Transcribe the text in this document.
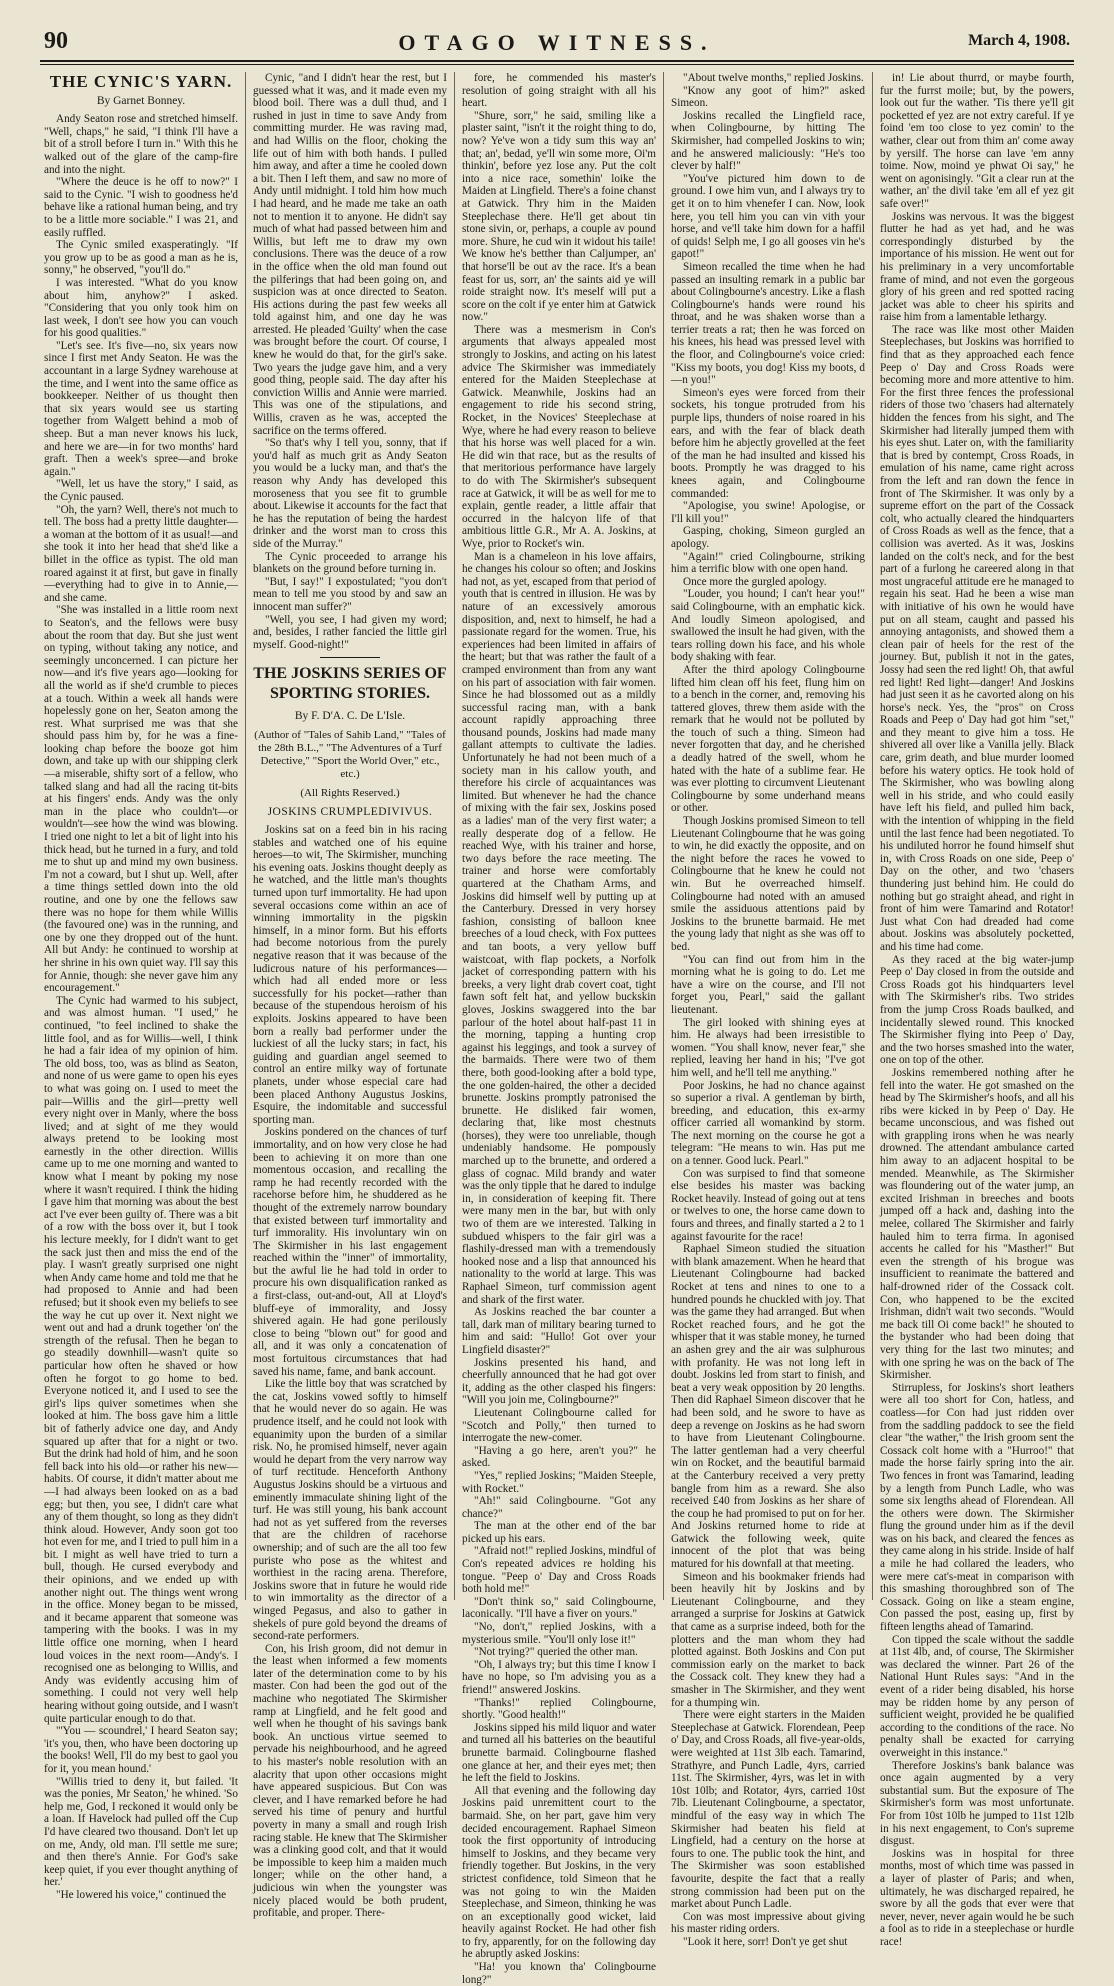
90	OTAGO WITNESS.	March 4, 1908.
THE CYNIC'S YARN.
By Garnet Bonney.

Andy Seaton rose and stretched himself. "Well, chaps," he said, "I think I'll have a bit of a stroll before I turn in." With this he walked out of the glare of the camp-fire and into the night.

"Where the deuce is he off to now?" I said to the Cynic. "I wish to goodness he'd behave like a rational human being, and try to be a little more sociable." I was 21, and easily ruffled.

The Cynic smiled exasperatingly. "If you grow up to be as good a man as he is, sonny," he observed, "you'll do."

I was interested. "What do you know about him, anyhow?" I asked. "Considering that you only took him on last week, I don't see how you can vouch for his good qualities."

"Let's see. It's five—no, six years now since I first met Andy Seaton. He was the accountant in a large Sydney warehouse at the time, and I went into the same office as bookkeeper. Neither of us thought then that six years would see us starting together from Walgett behind a mob of sheep. But a man never knows his luck, and here we are—in for two months' hard graft. Then a week's spree—and broke again."

"Well, let us have the story," I said, as the Cynic paused.

"Oh, the yarn? Well, there's not much to tell. The boss had a pretty little daughter—a woman at the bottom of it as usual!—and she took it into her head that she'd like a billet in the office as typist. The old man roared against it at first, but gave in finally—everything had to give in to Annie,—and she came.

"She was installed in a little room next to Seaton's, and the fellows were busy about the room that day. But she just went on typing, without taking any notice, and seemingly unconcerned. I can picture her now—and it's five years ago—looking for all the world as if she'd crumble to pieces at a touch. Within a week all hands were hopelessly gone on her, Seaton among the rest. What surprised me was that she should pass him by, for he was a fine-looking chap before the booze got him down, and take up with our shipping clerk—a miserable, shifty sort of a fellow, who talked slang and had all the racing tit-bits at his fingers' ends. Andy was the only man in the place who couldn't—or wouldn't—see how the wind was blowing. I tried one night to let a bit of light into his thick head, but he turned in a fury, and told me to shut up and mind my own business. I'm not a coward, but I shut up. Well, after a time things settled down into the old routine, and one by one the fellows saw there was no hope for them while Willis (the favoured one) was in the running, and one by one they dropped out of the hunt. All but Andy: he continued to worship at her shrine in his own quiet way. I'll say this for Annie, though: she never gave him any encouragement."

The Cynic had warmed to his subject, and was almost human. "I used," he continued, "to feel inclined to shake the little fool, and as for Willis—well, I think he had a fair idea of my opinion of him. The old boss, too, was as blind as Seaton, and none of us were game to open his eyes to what was going on. I used to meet the pair—Willis and the girl—pretty well every night over in Manly, where the boss lived; and at sight of me they would always pretend to be looking most earnestly in the other direction. Willis came up to me one morning and wanted to know what I meant by poking my nose where it wasn't required. I think the hiding I gave him that morning was about the best act I've ever been guilty of. There was a bit of a row with the boss over it, but I took his lecture meekly, for I didn't want to get the sack just then and miss the end of the play. I wasn't greatly surprised one night when Andy came home and told me that he had proposed to Annie and had been refused; but it shook even my beliefs to see the way he cut up over it. Next night we went out and had a drunk together 'on' the strength of the refusal. Then he began to go steadily downhill—wasn't quite so particular how often he shaved or how often he forgot to go home to bed. Everyone noticed it, and I used to see the girl's lips quiver sometimes when she looked at him. The boss gave him a little bit of fatherly advice one day, and Andy squared up after that for a night or two. But the drink had hold of him, and he soon fell back into his old—or rather his new—habits. Of course, it didn't matter about me—I had always been looked on as a bad egg; but then, you see, I didn't care what any of them thought, so long as they didn't think aloud. However, Andy soon got too hot even for me, and I tried to pull him in a bit. I might as well have tried to turn a bull, though. He cursed everybody and their opinions, and we ended up with another night out. The things went wrong in the office. Money began to be missed, and it became apparent that someone was tampering with the books. I was in my little office one morning, when I heard loud voices in the next room—Andy's. I recognised one as belonging to Willis, and Andy was evidently accusing him of something. I could not very well help hearing without going outside, and I wasn't quite particular enough to do that.

"'You — scoundrel,' I heard Seaton say; 'it's you, then, who have been doctoring up the books! Well, I'll do my best to gaol you for it, you mean hound.'

"Willis tried to deny it, but failed. 'It was the ponies, Mr Seaton,' he whined. 'So help me, God, I reckoned it would only be a loan. If Havelock had pulled off the Cup I'd have cleared two thousand. Don't let up on me, Andy, old man. I'll settle me sure; and then there's Annie. For God's sake keep quiet, if you ever thought anything of her.'

"He lowered his voice," continued the

Cynic, "and I didn't hear the rest, but I guessed what it was, and it made even my blood boil. There was a dull thud, and I rushed in just in time to save Andy from committing murder. He was raving mad, and had Willis on the floor, choking the life out of him with both hands. I pulled him away, and after a time he cooled down a bit. Then I left them, and saw no more of Andy until midnight. I told him how much I had heard, and he made me take an oath not to mention it to anyone. He didn't say much of what had passed between him and Willis, but left me to draw my own conclusions. There was the deuce of a row in the office when the old man found out the pilferings that had been going on, and suspicion was at once directed to Seaton. His actions during the past few weeks all told against him, and one day he was arrested. He pleaded 'Guilty' when the case was brought before the court. Of course, I knew he would do that, for the girl's sake. Two years the judge gave him, and a very good thing, people said. The day after his conviction Willis and Annie were married. This was one of the stipulations, and Willis, craven as he was, accepted the sacrifice on the terms offered.

"So that's why I tell you, sonny, that if you'd half as much grit as Andy Seaton you would be a lucky man, and that's the reason why Andy has developed this moroseness that you see fit to grumble about. Likewise it accounts for the fact that he has the reputation of being the hardest drinker and the worst man to cross this side of the Murray."

The Cynic proceeded to arrange his blankets on the ground before turning in.

"But, I say!" I expostulated; "you don't mean to tell me you stood by and saw an innocent man suffer?"

"Well, you see, I had given my word; and, besides, I rather fancied the little girl myself. Good-night!"

THE JOSKINS SERIES OF SPORTING STORIES.
By F. D'A. C. De L'Isle.
(Author of "Tales of Sahib Land," "Tales of the 28th B.L.," "The Adventures of a Turf Detective," "Sport the World Over," etc., etc.)
(All Rights Reserved.)
JOSKINS CRUMPLEDIVIVUS.

Joskins sat on a feed bin in his racing stables and watched one of his equine heroes—to wit, The Skirmisher, munching his evening oats. Joskins thought deeply as he watched, and the little man's thoughts turned upon turf immortality. He had upon several occasions come within an ace of winning immortality in the pigskin himself, in a minor form. But his efforts had become notorious from the purely negative reason that it was because of the ludicrous nature of his performances—which had all ended more or less successfully for his pocket—rather than because of the stupendous heroism of his exploits. Joskins appeared to have been born a really bad performer under the luckiest of all the lucky stars; in fact, his guiding and guardian angel seemed to control an entire milky way of fortunate planets, under whose especial care had been placed Anthony Augustus Joskins, Esquire, the indomitable and successful sporting man.

Joskins pondered on the chances of turf immortality, and on how very close he had been to achieving it on more than one momentous occasion, and recalling the ramp he had recently recorded with the racehorse before him, he shuddered as he thought of the extremely narrow boundary that existed between turf immortality and turf immorality. His involuntary win on The Skirmisher in his last engagement reached within the "inner" of immortality, but the awful lie he had told in order to procure his own disqualification ranked as a first-class, out-and-out, All at Lloyd's bluff-eye of immorality, and Jossy shivered again. He had gone perilously close to being "blown out" for good and all, and it was only a concatenation of most fortuitous circumstances that had saved his name, fame, and bank account.

Like the little boy that was scratched by the cat, Joskins vowed softly to himself that he would never do so again. He was prudence itself, and he could not look with equanimity upon the burden of a similar risk. No, he promised himself, never again would he depart from the very narrow way of turf rectitude. Henceforth Anthony Augustus Joskins should be a virtuous and eminently immaculate shining light of the turf. He was still young, his bank account had not as yet suffered from the reverses that are the children of racehorse ownership; and of such are the all too few puriste who pose as the whitest and worthiest in the racing arena. Therefore, Joskins swore that in future he would ride to win immortality as the director of a winged Pegasus, and also to gather in shekels of pure gold beyond the dreams of second-rate performers.

Con, his Irish groom, did not demur in the least when informed a few moments later of the determination come to by his master. Con had been the god out of the machine who negotiated The Skirmisher ramp at Lingfield, and he felt good and well when he thought of his savings bank book. An unctious virtue seemed to pervade his neighbourhood, and he agreed to his master's noble resolution with an alacrity that upon other occasions might have appeared suspicious. But Con was clever, and I have remarked before he had served his time of penury and hurtful poverty in many a small and rough Irish racing stable. He knew that The Skirmisher was a clinking good colt, and that it would be impossible to keep him a maiden much longer; while on the other hand, a judicious win when the youngster was nicely placed would be both prudent, profitable, and proper. There-

fore, he commended his master's resolution of going straight with all his heart.

"Shure, sorr," he said, smiling like a plaster saint, "isn't it the roight thing to do, now? Ye've won a tidy sum this way an' that; an', bedad, ye'll win some more, Oi'm thinkin', before yez lose any. Put the colt into a nice race, somethin' loike the Maiden at Lingfield. There's a foine chanst at Gatwick. Thry him in the Maiden Steeplechase there. He'll get about tin stone sivin, or, perhaps, a couple av pound more. Shure, he cud win it widout his taile! We know he's betther than Caljumper, an' that horse'll be out av the race. It's a bean feast for us, sorr, an' the saints aid ye will roide straight now. It's meself will put a score on the colt if ye enter him at Gatwick now."

There was a mesmerism in Con's arguments that always appealed most strongly to Joskins, and acting on his latest advice The Skirmisher was immediately entered for the Maiden Steeplechase at Gatwick. Meanwhile, Joskins had an engagement to ride his second string, Rocket, in the Novices' Steeplechase at Wye, where he had every reason to believe that his horse was well placed for a win. He did win that race, but as the results of that meritorious performance have largely to do with The Skirmisher's subsequent race at Gatwick, it will be as well for me to explain, gentle reader, a little affair that occurred in the halcyon life of that ambitious little G.R., Mr A. A. Joskins, at Wye, prior to Rocket's win.

Man is a chameleon in his love affairs, he changes his colour so often; and Joskins had not, as yet, escaped from that period of youth that is centred in illusion. He was by nature of an excessively amorous disposition, and, next to himself, he had a passionate regard for the women. True, his experiences had been limited in affairs of the heart; but that was rather the fault of a cramped environment than from any want on his part of association with fair women. Since he had blossomed out as a mildly successful racing man, with a bank account rapidly approaching three thousand pounds, Joskins had made many gallant attempts to cultivate the ladies. Unfortunately he had not been much of a society man in his callow youth, and therefore his circle of acquaintances was limited. But whenever he had the chance of mixing with the fair sex, Joskins posed as a ladies' man of the very first water; a really desperate dog of a fellow. He reached Wye, with his trainer and horse, two days before the race meeting. The trainer and horse were comfortably quartered at the Chatham Arms, and Joskins did himself well by putting up at the Canterbury. Dressed in very horsey fashion, consisting of balloon knee breeches of a loud check, with Fox puttees and tan boots, a very yellow buff waistcoat, with flap pockets, a Norfolk jacket of corresponding pattern with his breeks, a very light drab covert coat, tight fawn soft felt hat, and yellow buckskin gloves, Joskins swaggered into the bar parlour of the hotel about half-past 11 in the morning, tapping a hunting crop against his leggings, and took a survey of the barmaids. There were two of them there, both good-looking after a bold type, the one golden-haired, the other a decided brunette. Joskins promptly patronised the brunette. He disliked fair women, declaring that, like most chestnuts (horses), they were too unreliable, though undeniably handsome. He pompously marched up to the brunette, and ordered a glass of cognac. Mild brandy and water was the only tipple that he dared to indulge in, in consideration of keeping fit. There were many men in the bar, but with only two of them are we interested. Talking in subdued whispers to the fair girl was a flashily-dressed man with a tremendously hooked nose and a lisp that announced his nationality to the world at large. This was Raphael Simeon, turf commission agent and shark of the first water.

As Joskins reached the bar counter a tall, dark man of military bearing turned to him and said: "Hullo! Got over your Lingfield disaster?"

Joskins presented his hand, and cheerfully announced that he had got over it, adding as the other clasped his fingers: "Will you join me, Colingbourne?"

Lieutenant Colingbourne called for "Scotch and Polly," then turned to interrogate the new-comer.

"Having a go here, aren't you?" he asked.

"Yes," replied Joskins; "Maiden Steeple, with Rocket."

"Ah!" said Colingbourne. "Got any chance?"

The man at the other end of the bar picked up his ears.

"Afraid not!" replied Joskins, mindful of Con's repeated advices re holding his tongue. "Peep o' Day and Cross Roads both hold me!"

"Don't think so," said Colingbourne, laconically. "I'll have a fiver on yours."

"No, don't," replied Joskins, with a mysterious smile. "You'll only lose it!"

"Not trying?" queried the other man.

"Oh, I always try; but this time I know I have no hope, so I'm advising you as a friend!" answered Joskins.

"Thanks!" replied Colingbourne, shortly. "Good health!"

Joskins sipped his mild liquor and water and turned all his batteries on the beautiful brunette barmaid. Colingbourne flashed one glance at her, and their eyes met; then he left the field to Joskins.

All that evening and the following day Joskins paid unremittent court to the barmaid. She, on her part, gave him very decided encouragement. Raphael Simeon took the first opportunity of introducing himself to Joskins, and they became very friendly together. But Joskins, in the very strictest confidence, told Simeon that he was not going to win the Maiden Steeplechase, and Simeon, thinking he was on an exceptionally good wicket, laid heavily against Rocket. He had other fish to fry, apparently, for on the following day he abruptly asked Joskins:

"Ha! you known tha' Colingbourne long?"

"About twelve months," replied Joskins.

"Know any goot of him?" asked Simeon.

Joskins recalled the Lingfield race, when Colingbourne, by hitting The Skirmisher, had compelled Joskins to win; and he answered maliciously: "He's too clever by half!"

"You've pictured him down to de ground. I owe him vun, and I always try to get it on to him vhenefer I can. Now, look here, you tell him you can vin vith your horse, and ve'll take him down for a haffil of quids! Selph me, I go all gooses vin he's gapot!"

Simeon recalled the time when he had passed an insulting remark in a public bar about Colingbourne's ancestry. Like a flash Colingbourne's hands were round his throat, and he was shaken worse than a terrier treats a rat; then he was forced on his knees, his head was pressed level with the floor, and Colingbourne's voice cried: "Kiss my boots, you dog! Kiss my boots, d—n you!"

Simeon's eyes were forced from their sockets, his tongue protruded from his purple lips, thunders of noise roared in his ears, and with the fear of black death before him he abjectly grovelled at the feet of the man he had insulted and kissed his boots. Promptly he was dragged to his knees again, and Colingbourne commanded:

"Apologise, you swine! Apologise, or I'll kill you!"

Gasping, choking, Simeon gurgled an apology.

"Again!" cried Colingbourne, striking him a terrific blow with one open hand.

Once more the gurgled apology.

"Louder, you hound; I can't hear you!" said Colingbourne, with an emphatic kick. And loudly Simeon apologised, and swallowed the insult he had given, with the tears rolling down his face, and his whole body shaking with fear.

After the third apology Colingbourne lifted him clean off his feet, flung him on to a bench in the corner, and, removing his tattered gloves, threw them aside with the remark that he would not be polluted by the touch of such a thing. Simeon had never forgotten that day, and he cherished a deadly hatred of the swell, whom he hated with the hate of a sublime fear. He was ever plotting to circumvent Lieutenant Colingbourne by some underhand means or other.

Though Joskins promised Simeon to tell Lieutenant Colingbourne that he was going to win, he did exactly the opposite, and on the night before the races he vowed to Colingbourne that he knew he could not win. But he overreached himself. Colingbourne had noted with an amused smile the assiduous attentions paid by Joskins to the brunette barmaid. He met the young lady that night as she was off to bed.

"You can find out from him in the morning what he is going to do. Let me have a wire on the course, and I'll not forget you, Pearl," said the gallant lieutenant.

The girl looked with shining eyes at him. He always had been irresistible to women. "You shall know, never fear," she replied, leaving her hand in his; "I've got him well, and he'll tell me anything."

Poor Joskins, he had no chance against so superior a rival. A gentleman by birth, breeding, and education, this ex-army officer carried all womankind by storm. The next morning on the course he got a telegram: "He means to win. Has put me on a tenner. Good luck. Pearl."

Con was surpised to find that someone else besides his master was backing Rocket heavily. Instead of going out at tens or twelves to one, the horse came down to fours and threes, and finally started a 2 to 1 against favourite for the race!

Raphael Simeon studied the situation with blank amazement. When he heard that Lieutenant Colingbourne had backed Rocket at tens and nines to one to a hundred pounds he chuckled with joy. That was the game they had arranged. But when Rocket reached fours, and he got the whisper that it was stable money, he turned an ashen grey and the air was sulphurous with profanity. He was not long left in doubt. Joskins led from start to finish, and beat a very weak opposition by 20 lengths. Then did Raphael Simeon discover that he had been sold, and he swore to have as deep a revenge on Joskins as he had sworn to have from Lieutenant Colingbourne. The latter gentleman had a very cheerful win on Rocket, and the beautiful barmaid at the Canterbury received a very pretty bangle from him as a reward. She also received £40 from Joskins as her share of the coup he had promised to put on for her. And Joskins returned home to ride at Gatwick the following week, quite innocent of the plot that was being matured for his downfall at that meeting.

Simeon and his bookmaker friends had been heavily hit by Joskins and by Lieutenant Colingbourne, and they arranged a surprise for Joskins at Gatwick that came as a surprise indeed, both for the plotters and the man whom they had plotted against. Both Joskins and Con put commission early on the market to back the Cossack colt. They knew they had a smasher in The Skirmisher, and they went for a thumping win.

There were eight starters in the Maiden Steeplechase at Gatwick. Florendean, Peep o' Day, and Cross Roads, all five-year-olds, were weighted at 11st 3lb each. Tamarind, Strathyre, and Punch Ladle, 4yrs, carried 11st. The Skirmisher, 4yrs, was let in with 10st 10lb; and Rotator, 4yrs, carried 10st 7lb. Lieutenant Colingbourne, a spectator, mindful of the easy way in which The Skirmisher had beaten his field at Lingfield, had a century on the horse at fours to one. The public took the hint, and The Skirmisher was soon established favourite, despite the fact that a really strong commission had been put on the market about Punch Ladle.

Con was most impressive about giving his master riding orders.

"Look it here, sorr! Don't ye get shut

in! Lie about thurrd, or maybe fourth, fur the furrst moile; but, by the powers, look out fur the wather. 'Tis there ye'll git pocketted ef yez are not extry careful. If ye foind 'em too close to yez comin' to the wather, clear out from thim an' come away by yersilf. The horse can lave 'em anny toime. Now, moind ye phwat Oi say," he went on agonisingly. "Git a clear run at the wather, an' the divil take 'em all ef yez git safe over!"

Joskins was nervous. It was the biggest flutter he had as yet had, and he was correspondingly disturbed by the importance of his mission. He went out for his preliminary in a very uncomfortable frame of mind, and not even the gorgeous glory of his green and red spotted racing jacket was able to cheer his spirits and raise him from a lamentable lethargy.

The race was like most other Maiden Steeplechases, but Joskins was horrified to find that as they approached each fence Peep o' Day and Cross Roads were becoming more and more attentive to him. For the first three fences the professional riders of those two 'chasers had alternately hidden the fences from his sight, and The Skirmisher had literally jumped them with his eyes shut. Later on, with the familiarity that is bred by contempt, Cross Roads, in emulation of his name, came right across from the left and ran down the fence in front of The Skirmisher. It was only by a supreme effort on the part of the Cossack colt, who actually cleared the hindquarters of Cross Roads as well as the fence, that a collision was averted. As it was, Joskins landed on the colt's neck, and for the best part of a furlong he careered along in that most ungraceful attitude ere he managed to regain his seat. Had he been a wise man with initiative of his own he would have put on all steam, caught and passed his annoying antagonists, and showed them a clean pair of heels for the rest of the journey. But, publish it not in the gates, Jossy had seen the red light! Oh, that awful red light! Red light—danger! And Joskins had just seen it as he cavorted along on his horse's neck. Yes, the "pros" on Cross Roads and Peep o' Day had got him "set," and they meant to give him a toss. He shivered all over like a Vanilla jelly. Black care, grim death, and blue murder loomed before his watery optics. He took hold of The Skirmisher, who was bowling along well in his stride, and who could easily have left his field, and pulled him back, with the intention of whipping in the field until the last fence had been negotiated. To his undiluted horror he found himself shut in, with Cross Roads on one side, Peep o' Day on the other, and two 'chasers thundering just behind him. He could do nothing but go straight ahead, and right in front of him were Tamarind and Rotator! Just what Con had dreaded had come about. Joskins was absolutely pocketted, and his time had come.

As they raced at the big water-jump Peep o' Day closed in from the outside and Cross Roads got his hindquarters level with The Skirmisher's ribs. Two strides from the jump Cross Roads baulked, and incidentally slewed round. This knocked The Skirmisher flying into Peep o' Day, and the two horses smashed into the water, one on top of the other.

Joskins remembered nothing after he fell into the water. He got smashed on the head by The Skirmisher's hoofs, and all his ribs were kicked in by Peep o' Day. He became unconscious, and was fished out with grappling irons when he was nearly drowned. The attendant ambulance carted him away to an adjacent hospital to be mended. Meanwhile, as The Skirmisher was floundering out of the water jump, an excited Irishman in breeches and boots jumped off a hack and, dashing into the melee, collared The Skirmisher and fairly hauled him to terra firma. In agonised accents he called for his "Masther!" But even the strength of his brogue was insufficient to reanimate the battered and half-drowned rider of the Cossack colt. Con, who happened to be the excited Irishman, didn't wait two seconds. "Would me back till Oi come back!" he shouted to the bystander who had been doing that very thing for the last two minutes; and with one spring he was on the back of The Skirmisher.

Stirrupless, for Joskins's short leathers were all too short for Con, hatless, and coatless—for Con had just ridden over from the saddling paddock to see the field clear "the wather," the Irish groom sent the Cossack colt home with a "Hurroo!" that made the horse fairly spring into the air. Two fences in front was Tamarind, leading by a length from Punch Ladle, who was some six lengths ahead of Florendean. All the others were down. The Skirmisher flung the ground under him as if the devil was on his back, and cleared the fences as they came along in his stride. Inside of half a mile he had collared the leaders, who were mere cat's-meat in comparison with this smashing thoroughbred son of The Cossack. Going on like a steam engine, Con passed the post, easing up, first by fifteen lengths ahead of Tamarind.

Con tipped the scale without the saddle at 11st 4lb, and, of course, The Skirmisher was declared the winner. Part 26 of the National Hunt Rules says: "And in the event of a rider being disabled, his horse may be ridden home by any person of sufficient weight, provided he be qualified according to the conditions of the race. No penalty shall be exacted for carrying overweight in this instance."

Therefore Joskins's bank balance was once again augmented by a very substantial sum. But the exposure of The Skirmisher's form was most unfortunate. For from 10st 10lb he jumped to 11st 12lb in his next engagement, to Con's supreme disgust.

Joskins was in hospital for three months, most of which time was passed in a layer of plaster of Paris; and when, ultimately, he was discharged repaired, he swore by all the gods that ever were that never, never, never again would he be such a fool as to ride in a steeplechase or hurdle race!
